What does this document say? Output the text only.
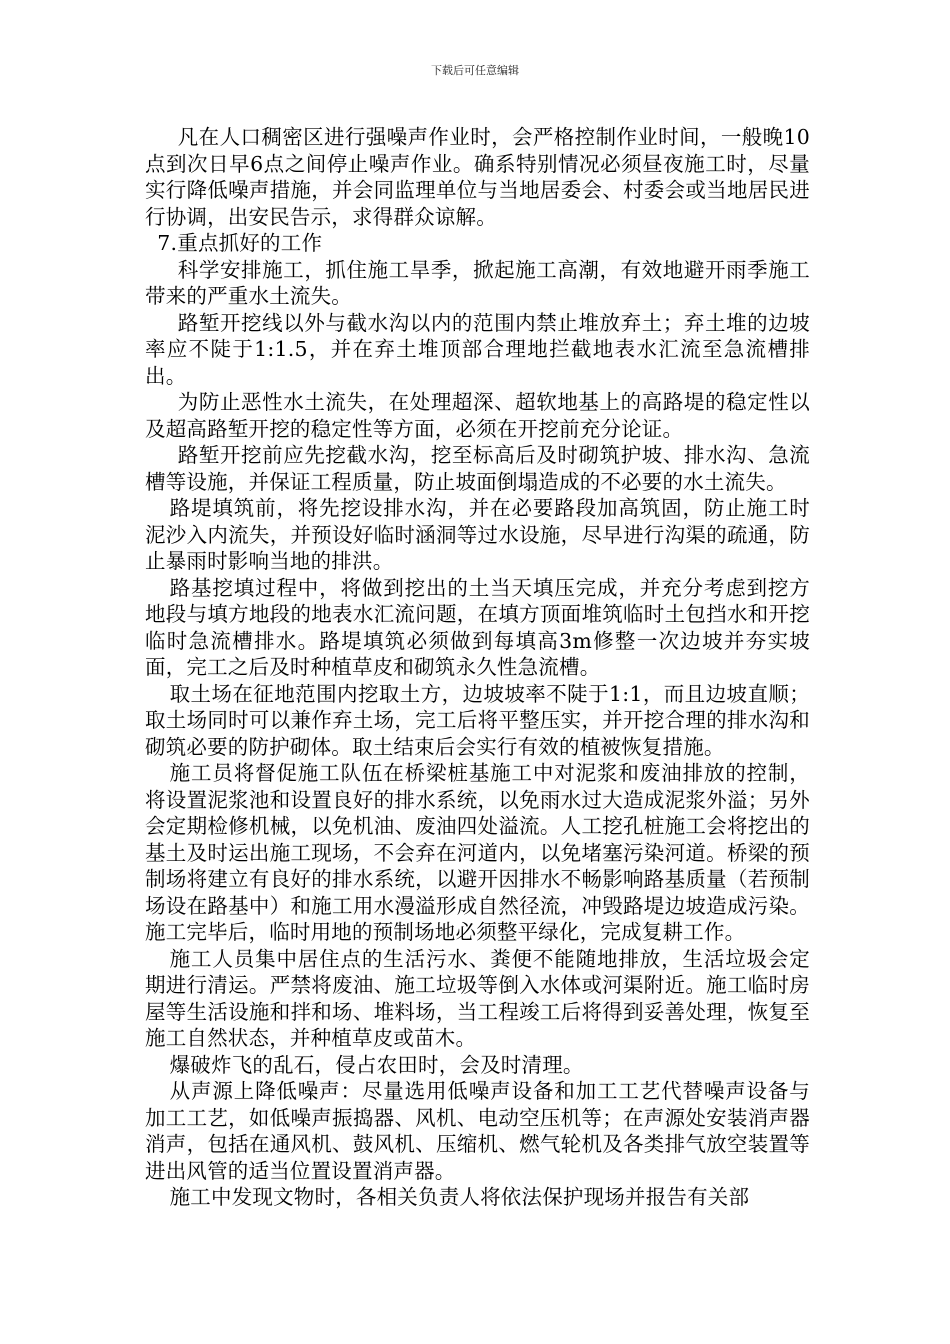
下载后可任意编辑

凡在人口稠密区进行强噪声作业时，会严格控制作业时间，一般晚10点到次日早6点之间停止噪声作业。确系特别情况必须昼夜施工时，尽量实行降低噪声措施，并会同监理单位与当地居委会、村委会或当地居民进行协调，出安民告示，求得群众谅解。

7.重点抓好的工作

科学安排施工，抓住施工旱季，掀起施工高潮，有效地避开雨季施工带来的严重水土流失。

路堑开挖线以外与截水沟以内的范围内禁止堆放弃土；弃土堆的边坡率应不陡于1:1.5，并在弃土堆顶部合理地拦截地表水汇流至急流槽排出。

为防止恶性水土流失，在处理超深、超软地基上的高路堤的稳定性以及超高路堑开挖的稳定性等方面，必须在开挖前充分论证。

路堑开挖前应先挖截水沟，挖至标高后及时砌筑护坡、排水沟、急流槽等设施，并保证工程质量，防止坡面倒塌造成的不必要的水土流失。

路堤填筑前，将先挖设排水沟，并在必要路段加高筑固，防止施工时泥沙入内流失，并预设好临时涵洞等过水设施，尽早进行沟渠的疏通，防止暴雨时影响当地的排洪。

路基挖填过程中，将做到挖出的土当天填压完成，并充分考虑到挖方地段与填方地段的地表水汇流问题，在填方顶面堆筑临时土包挡水和开挖临时急流槽排水。路堤填筑必须做到每填高3m修整一次边坡并夯实坡面，完工之后及时种植草皮和砌筑永久性急流槽。

取土场在征地范围内挖取土方，边坡坡率不陡于1:1，而且边坡直顺；取土场同时可以兼作弃土场，完工后将平整压实，并开挖合理的排水沟和砌筑必要的防护砌体。取土结束后会实行有效的植被恢复措施。

施工员将督促施工队伍在桥梁桩基施工中对泥浆和废油排放的控制，将设置泥浆池和设置良好的排水系统，以免雨水过大造成泥浆外溢；另外会定期检修机械，以免机油、废油四处溢流。人工挖孔桩施工会将挖出的基土及时运出施工现场，不会弃在河道内，以免堵塞污染河道。桥梁的预制场将建立有良好的排水系统，以避开因排水不畅影响路基质量（若预制场设在路基中）和施工用水漫溢形成自然径流，冲毁路堤边坡造成污染。施工完毕后，临时用地的预制场地必须整平绿化，完成复耕工作。

施工人员集中居住点的生活污水、粪便不能随地排放，生活垃圾会定期进行清运。严禁将废油、施工垃圾等倒入水体或河渠附近。施工临时房屋等生活设施和拌和场、堆料场，当工程竣工后将得到妥善处理，恢复至施工自然状态，并种植草皮或苗木。

爆破炸飞的乱石，侵占农田时，会及时清理。

从声源上降低噪声：尽量选用低噪声设备和加工工艺代替噪声设备与加工工艺，如低噪声振捣器、风机、电动空压机等；在声源处安装消声器消声，包括在通风机、鼓风机、压缩机、燃气轮机及各类排气放空装置等进出风管的适当位置设置消声器。

施工中发现文物时，各相关负责人将依法保护现场并报告有关部
